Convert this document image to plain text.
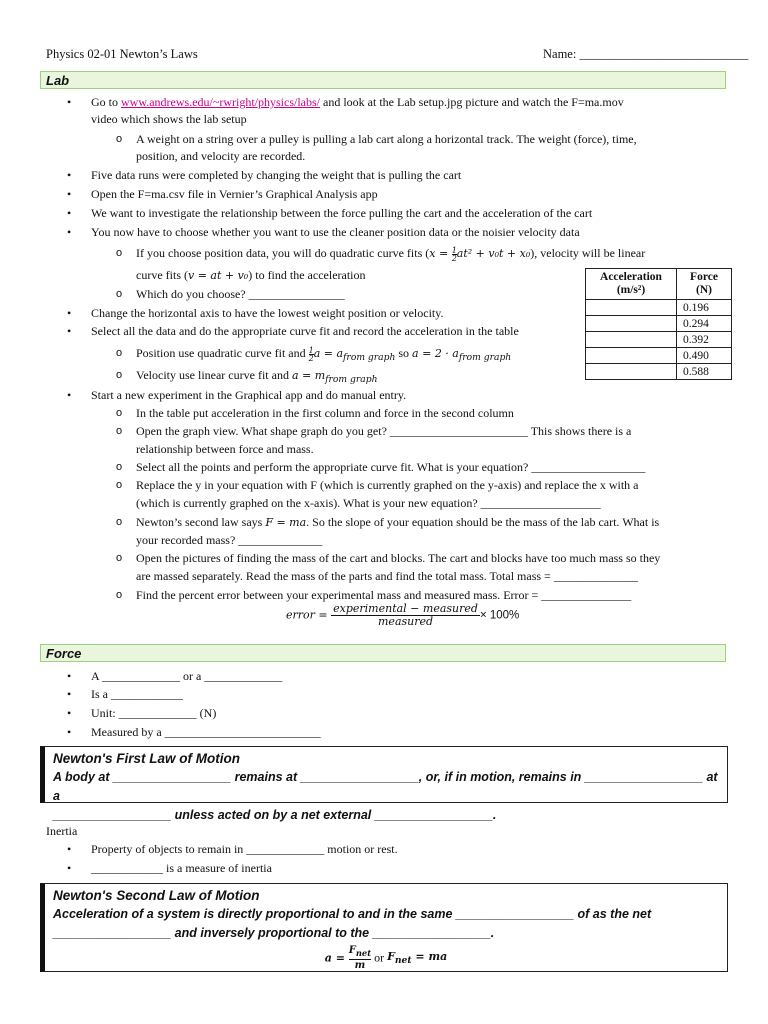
Physics 02-01 Newton’s Laws	Name: ___________________________
Lab
• Go to www.andrews.edu/~rwright/physics/labs/ and look at the Lab setup.jpg picture and watch the F=ma.mov
video which shows the lab setup
o A weight on a string over a pulley is pulling a lab cart along a horizontal track. The weight (force), time,
position, and velocity are recorded.
• Five data runs were completed by changing the weight that is pulling the cart
• Open the F=ma.csv file in Vernier’s Graphical Analysis app
• We want to investigate the relationship between the force pulling the cart and the acceleration of the cart
• You now have to choose whether you want to use the cleaner position data or the noisier velocity data
o If you choose position data, you will do quadratic curve fits $(x = \frac{1}{2} at^2 + v_0t + x_0)$, velocity will be linear
curve fits (v = at + v₀) to find the acceleration
o Which do you choose? ________________
• Change the horizontal axis to have the lowest weight position or velocity.
• Select all the data and do the appropriate curve fit and record the acceleration in the table
o Position use quadratic curve fit and $\frac{1}{2}$ $a = a_{from graph}$ so $a = 2 \cdot a_{from graph}$
o Velocity use linear curve fit and $a = m_{from graph}$
• Start a new experiment in the Graphical app and do manual entry.
o In the table put acceleration in the first column and force in the second column
o Open the graph view. What shape graph do you get? _______________________ This shows there is a
relationship between force and mass.
o Select all the points and perform the appropriate curve fit. What is your equation? ___________________
o Replace the y in your equation with F (which is currently graphed on the y-axis) and replace the x with a
(which is currently graphed on the x-axis). What is your new equation? ____________________
o Newton’s second law says F = ma. So the slope of your equation should be the mass of the lab cart. What is
your recorded mass? ______________
o Open the pictures of finding the mass of the cart and blocks. The cart and blocks have too much mass so they
are massed separately. Read the mass of the parts and find the total mass. Total mass = ______________
o Find the percent error between your experimental mass and measured mass. Error = _______________
error = experimental − measured
measured	× 100%
Acceleration
(m/s²)	Force
(N)
	0.196
	0.294
	0.392
	0.490
	0.588
Force
• A _____________ or a _____________
• Is a ____________
• Unit: _____________ (N)
• Measured by a __________________________

Newton's First Law of Motion

A body at _________________ remains at _________________, or, if in motion, remains in _________________ at a

_________________ unless acted on by a net external _________________.

Inertia
• Property of objects to remain in _____________ motion or rest.
• ____________ is a measure of inertia

Newton's Second Law of Motion

Acceleration of a system is directly proportional to and in the same _________________ of as the net

_________________ and inversely proportional to the _________________.

a =
$F_{net}$
m
or $F_{net}$ = ma
